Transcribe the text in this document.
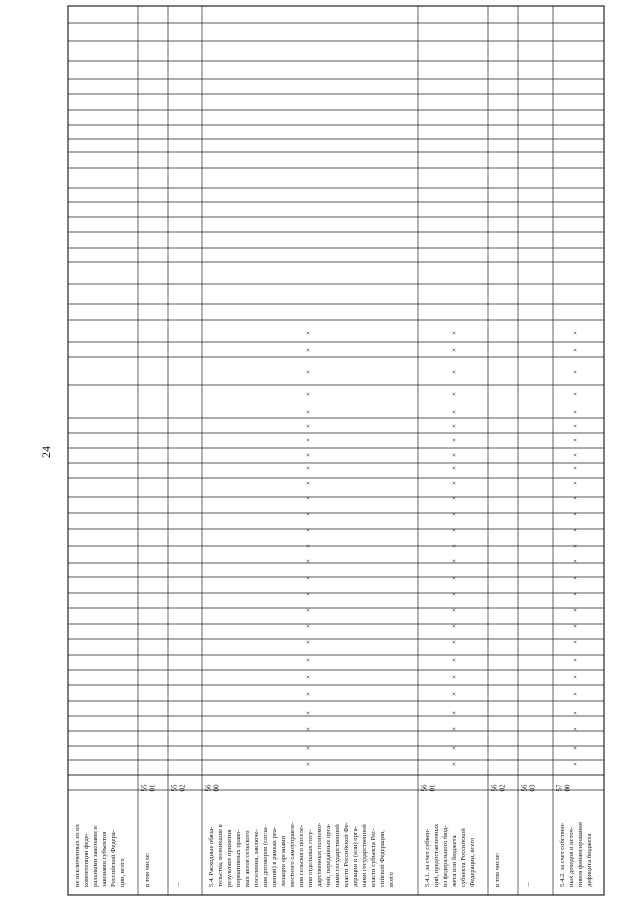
24
×
×
×
×
×
×
×
×
×
×
×
×
×
×
×
×
×
×
×
×
×
×
×
×
×
×
×
×
×
×
×
×
×
×
×
×
×
×
×
×
×
×
×
×
×
×
×
×
×
×
×
×
×
×
×
×
×
×
×
×
×
×
×
×
×
×
×
×
×
×
×
×
×
×
×
×
×
×
×
×
×
не исключенных из их компетенции феде- ральными законами и законами субъектов Российской Федера- ции, всего	в том числе:
55 01
...
55 02
5.4. Расходные обяза- тельства, возникшие в результате принятия нормативных право- вых актов сельского поселения, заключе- ния договоров (согла- шений) в рамках реа- лизации органами местного самоуправле- ния сельского поселе- ния отдельных госу- дарственных полномо- чий, переданных орга- нами государственной власти Российской Фе- дерации и (или) орга- нами государственной власти субъекта Рос- сийской Федерации, всего
56 00
5.4.1. за счет субвен- ций, предоставленных из федерального бюд- жета или бюджета субъекта Российской Федерации, всего
56 01
в том числе:
56 02
...
56 03
5.4.2. за счет собствен- ных доходов и источ- ников финансирования дефицита бюджета
57 00
